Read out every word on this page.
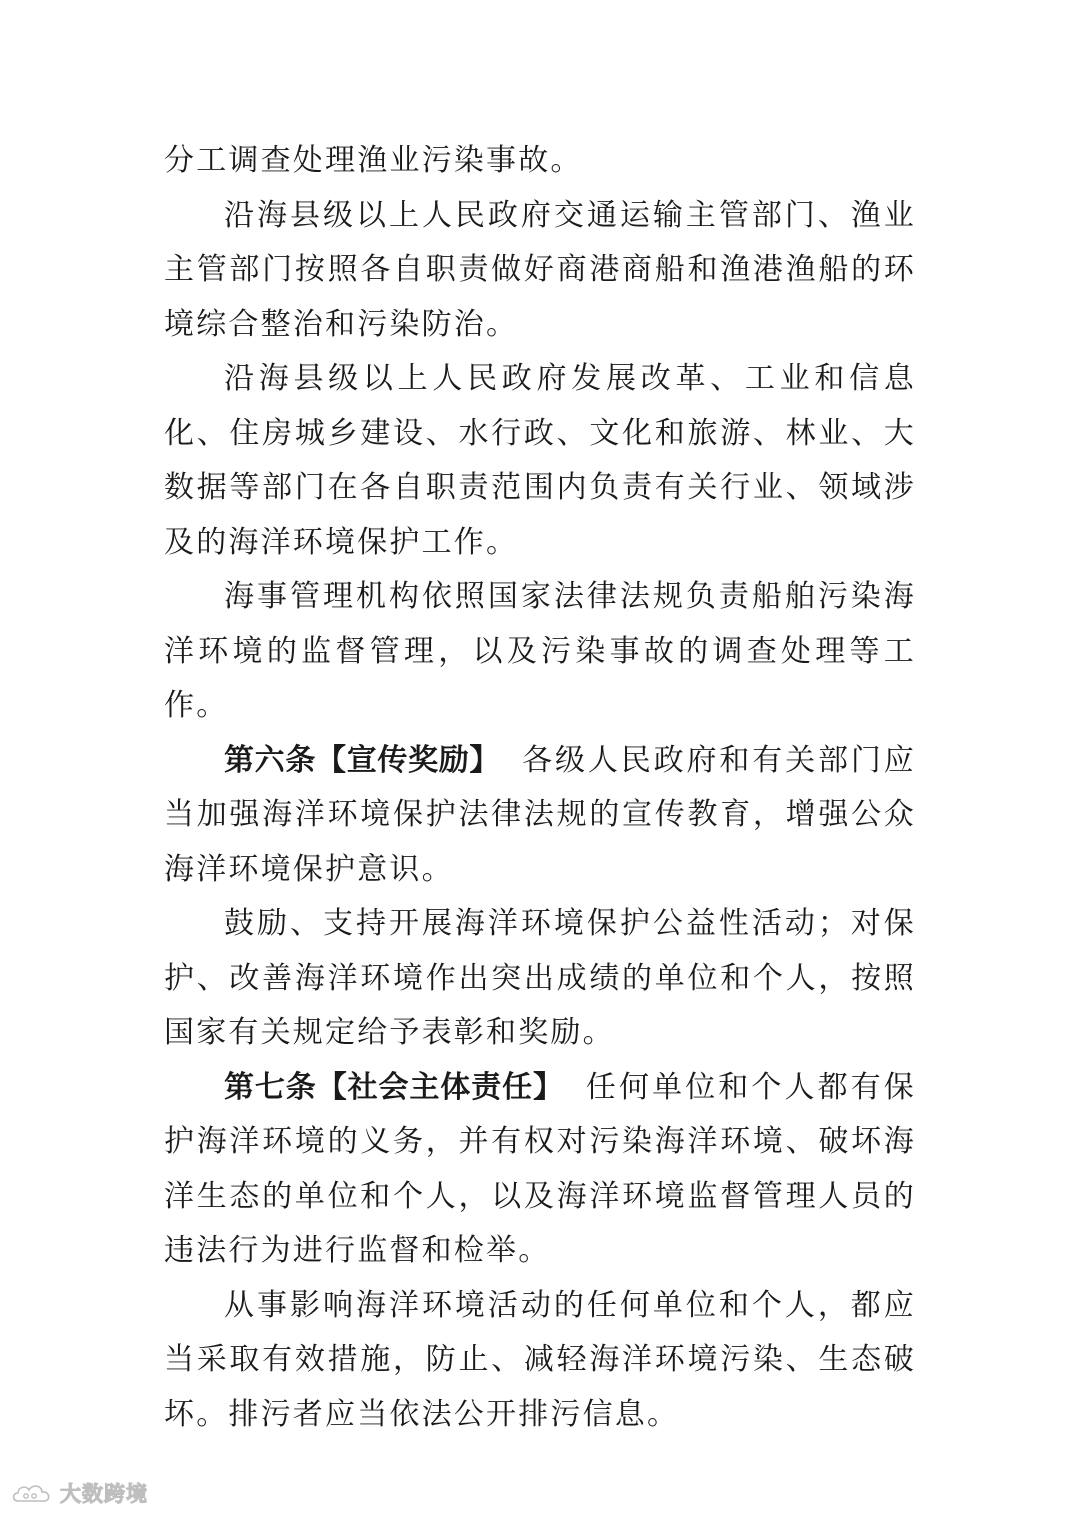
分工调查处理渔业污染事故。

沿海县级以上人民政府交通运输主管部门、渔业主管部门按照各自职责做好商港商船和渔港渔船的环境综合整治和污染防治。

沿海县级以上人民政府发展改革、工业和信息化、住房城乡建设、水行政、文化和旅游、林业、大数据等部门在各自职责范围内负责有关行业、领域涉及的海洋环境保护工作。

海事管理机构依照国家法律法规负责船舶污染海洋环境的监督管理，以及污染事故的调查处理等工作。

第六条【宣传奖励】 各级人民政府和有关部门应当加强海洋环境保护法律法规的宣传教育，增强公众海洋环境保护意识。

鼓励、支持开展海洋环境保护公益性活动；对保护、改善海洋环境作出突出成绩的单位和个人，按照国家有关规定给予表彰和奖励。

第七条【社会主体责任】 任何单位和个人都有保护海洋环境的义务，并有权对污染海洋环境、破坏海洋生态的单位和个人，以及海洋环境监督管理人员的违法行为进行监督和检举。

从事影响海洋环境活动的任何单位和个人，都应当采取有效措施，防止、减轻海洋环境污染、生态破坏。排污者应当依法公开排污信息。

大数跨境
